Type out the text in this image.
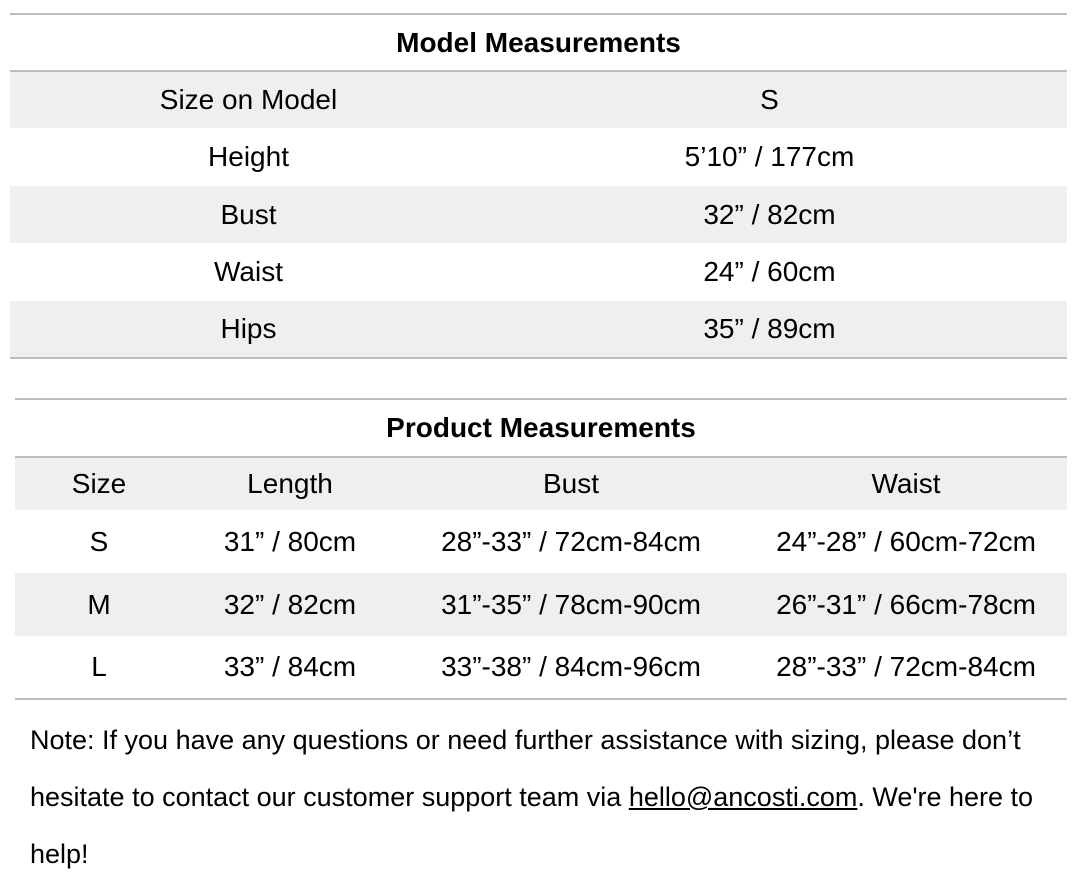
Model Measurements
Size on Model	S
Height	5’10” / 177cm
Bust	32” / 82cm
Waist	24” / 60cm
Hips	35” / 89cm
Product Measurements
Size	Length	Bust	Waist
S	31” / 80cm	28”-33” / 72cm-84cm	24”-28” / 60cm-72cm
M	32” / 82cm	31”-35” / 78cm-90cm	26”-31” / 66cm-78cm
L	33” / 84cm	33”-38” / 84cm-96cm	28”-33” / 72cm-84cm
Note: If you have any questions or need further assistance with sizing, please don’t hesitate to contact our customer support team via hello@ancosti.com. We're here to help!
